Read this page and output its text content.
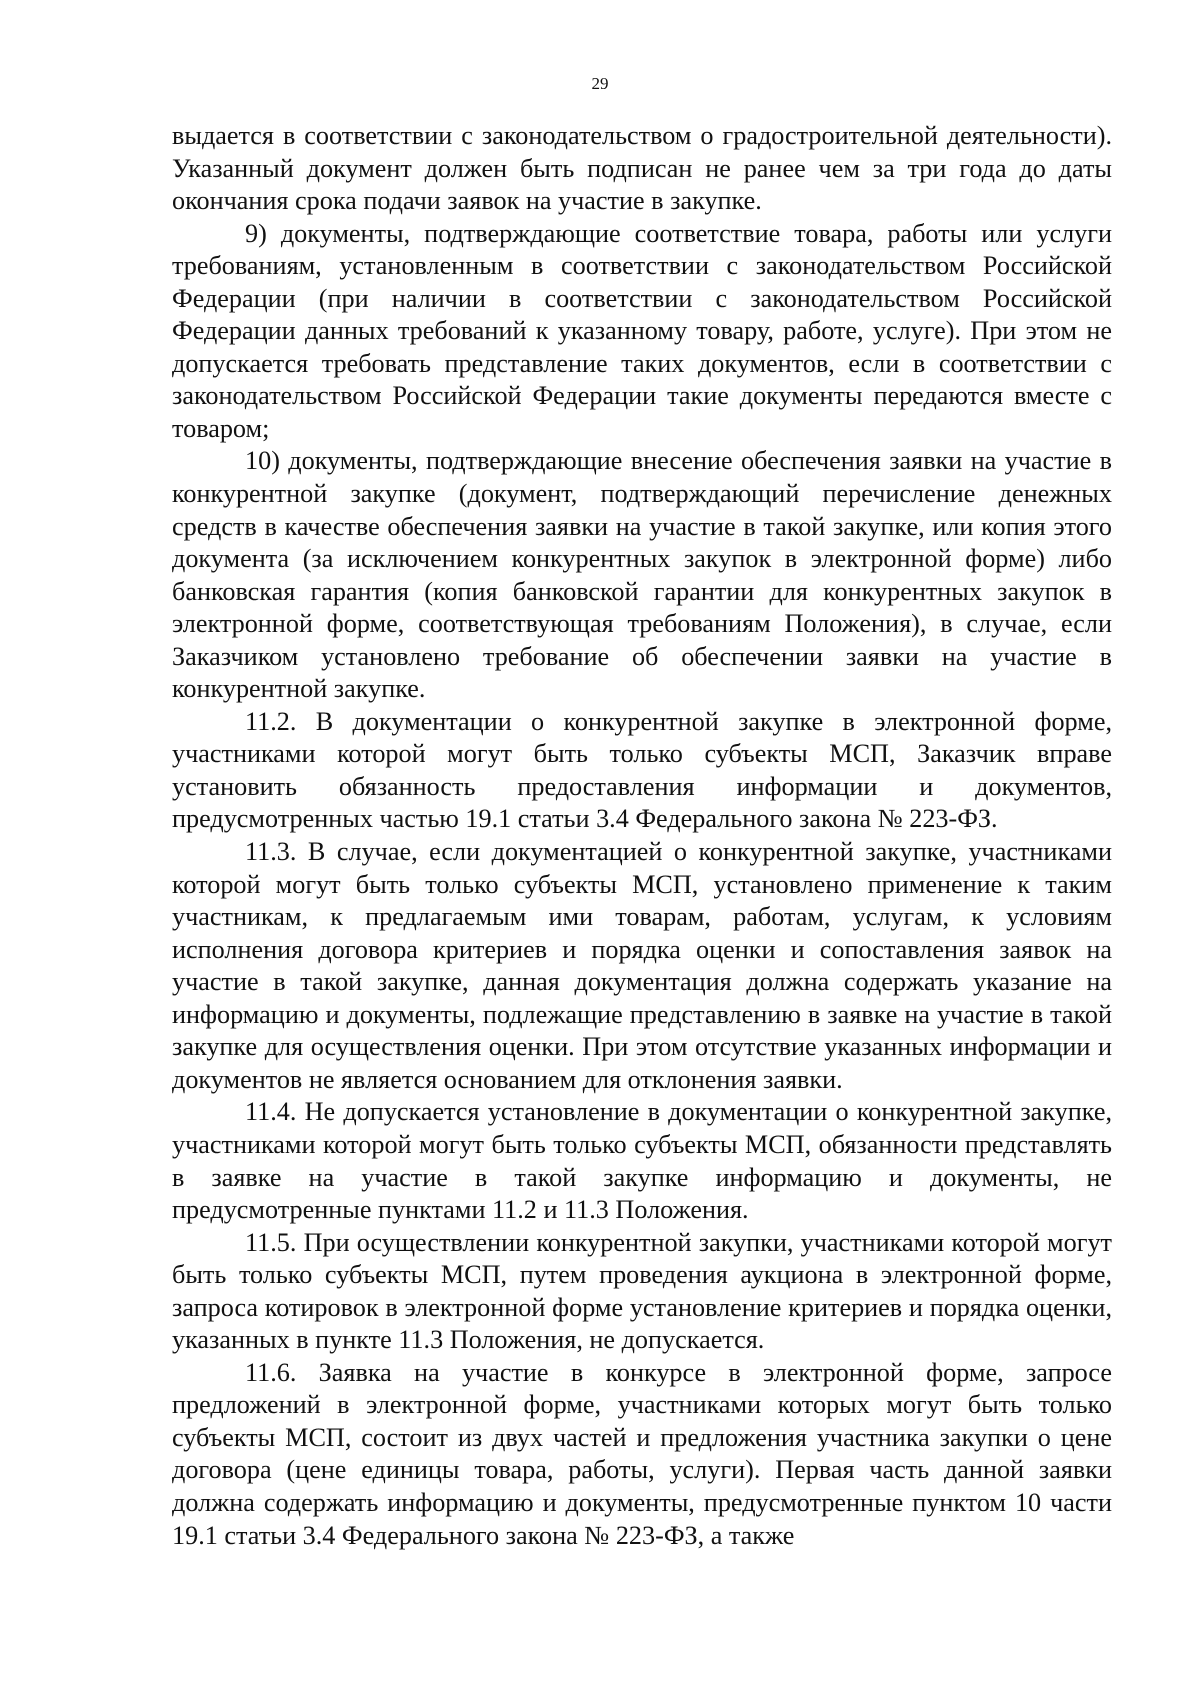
29

выдается в соответствии с законодательством о градостроительной деятельности). Указанный документ должен быть подписан не ранее чем за три года до даты окончания срока подачи заявок на участие в закупке.

9) документы, подтверждающие соответствие товара, работы или услуги требованиям, установленным в соответствии с законодательством Российской Федерации (при наличии в соответствии с законодательством Российской Федерации данных требований к указанному товару, работе, услуге). При этом не допускается требовать представление таких документов, если в соответствии с законодательством Российской Федерации такие документы передаются вместе с товаром;

10) документы, подтверждающие внесение обеспечения заявки на участие в конкурентной закупке (документ, подтверждающий перечисление денежных средств в качестве обеспечения заявки на участие в такой закупке, или копия этого документа (за исключением конкурентных закупок в электронной форме) либо банковская гарантия (копия банковской гарантии для конкурентных закупок в электронной форме, соответствующая требованиям Положения), в случае, если Заказчиком установлено требование об обеспечении заявки на участие в конкурентной закупке.

11.2. В документации о конкурентной закупке в электронной форме, участниками которой могут быть только субъекты МСП, Заказчик вправе установить обязанность предоставления информации и документов, предусмотренных частью 19.1 статьи 3.4 Федерального закона № 223-ФЗ.

11.3. В случае, если документацией о конкурентной закупке, участниками которой могут быть только субъекты МСП, установлено применение к таким участникам, к предлагаемым ими товарам, работам, услугам, к условиям исполнения договора критериев и порядка оценки и сопоставления заявок на участие в такой закупке, данная документация должна содержать указание на информацию и документы, подлежащие представлению в заявке на участие в такой закупке для осуществления оценки. При этом отсутствие указанных информации и документов не является основанием для отклонения заявки.

11.4. Не допускается установление в документации о конкурентной закупке, участниками которой могут быть только субъекты МСП, обязанности представлять в заявке на участие в такой закупке информацию и документы, не предусмотренные пунктами 11.2 и 11.3 Положения.

11.5. При осуществлении конкурентной закупки, участниками которой могут быть только субъекты МСП, путем проведения аукциона в электронной форме, запроса котировок в электронной форме установление критериев и порядка оценки, указанных в пункте 11.3 Положения, не допускается.

11.6. Заявка на участие в конкурсе в электронной форме, запросе предложений в электронной форме, участниками которых могут быть только субъекты МСП, состоит из двух частей и предложения участника закупки о цене договора (цене единицы товара, работы, услуги). Первая часть данной заявки должна содержать информацию и документы, предусмотренные пунктом 10 части 19.1 статьи 3.4 Федерального закона № 223-ФЗ, а также
